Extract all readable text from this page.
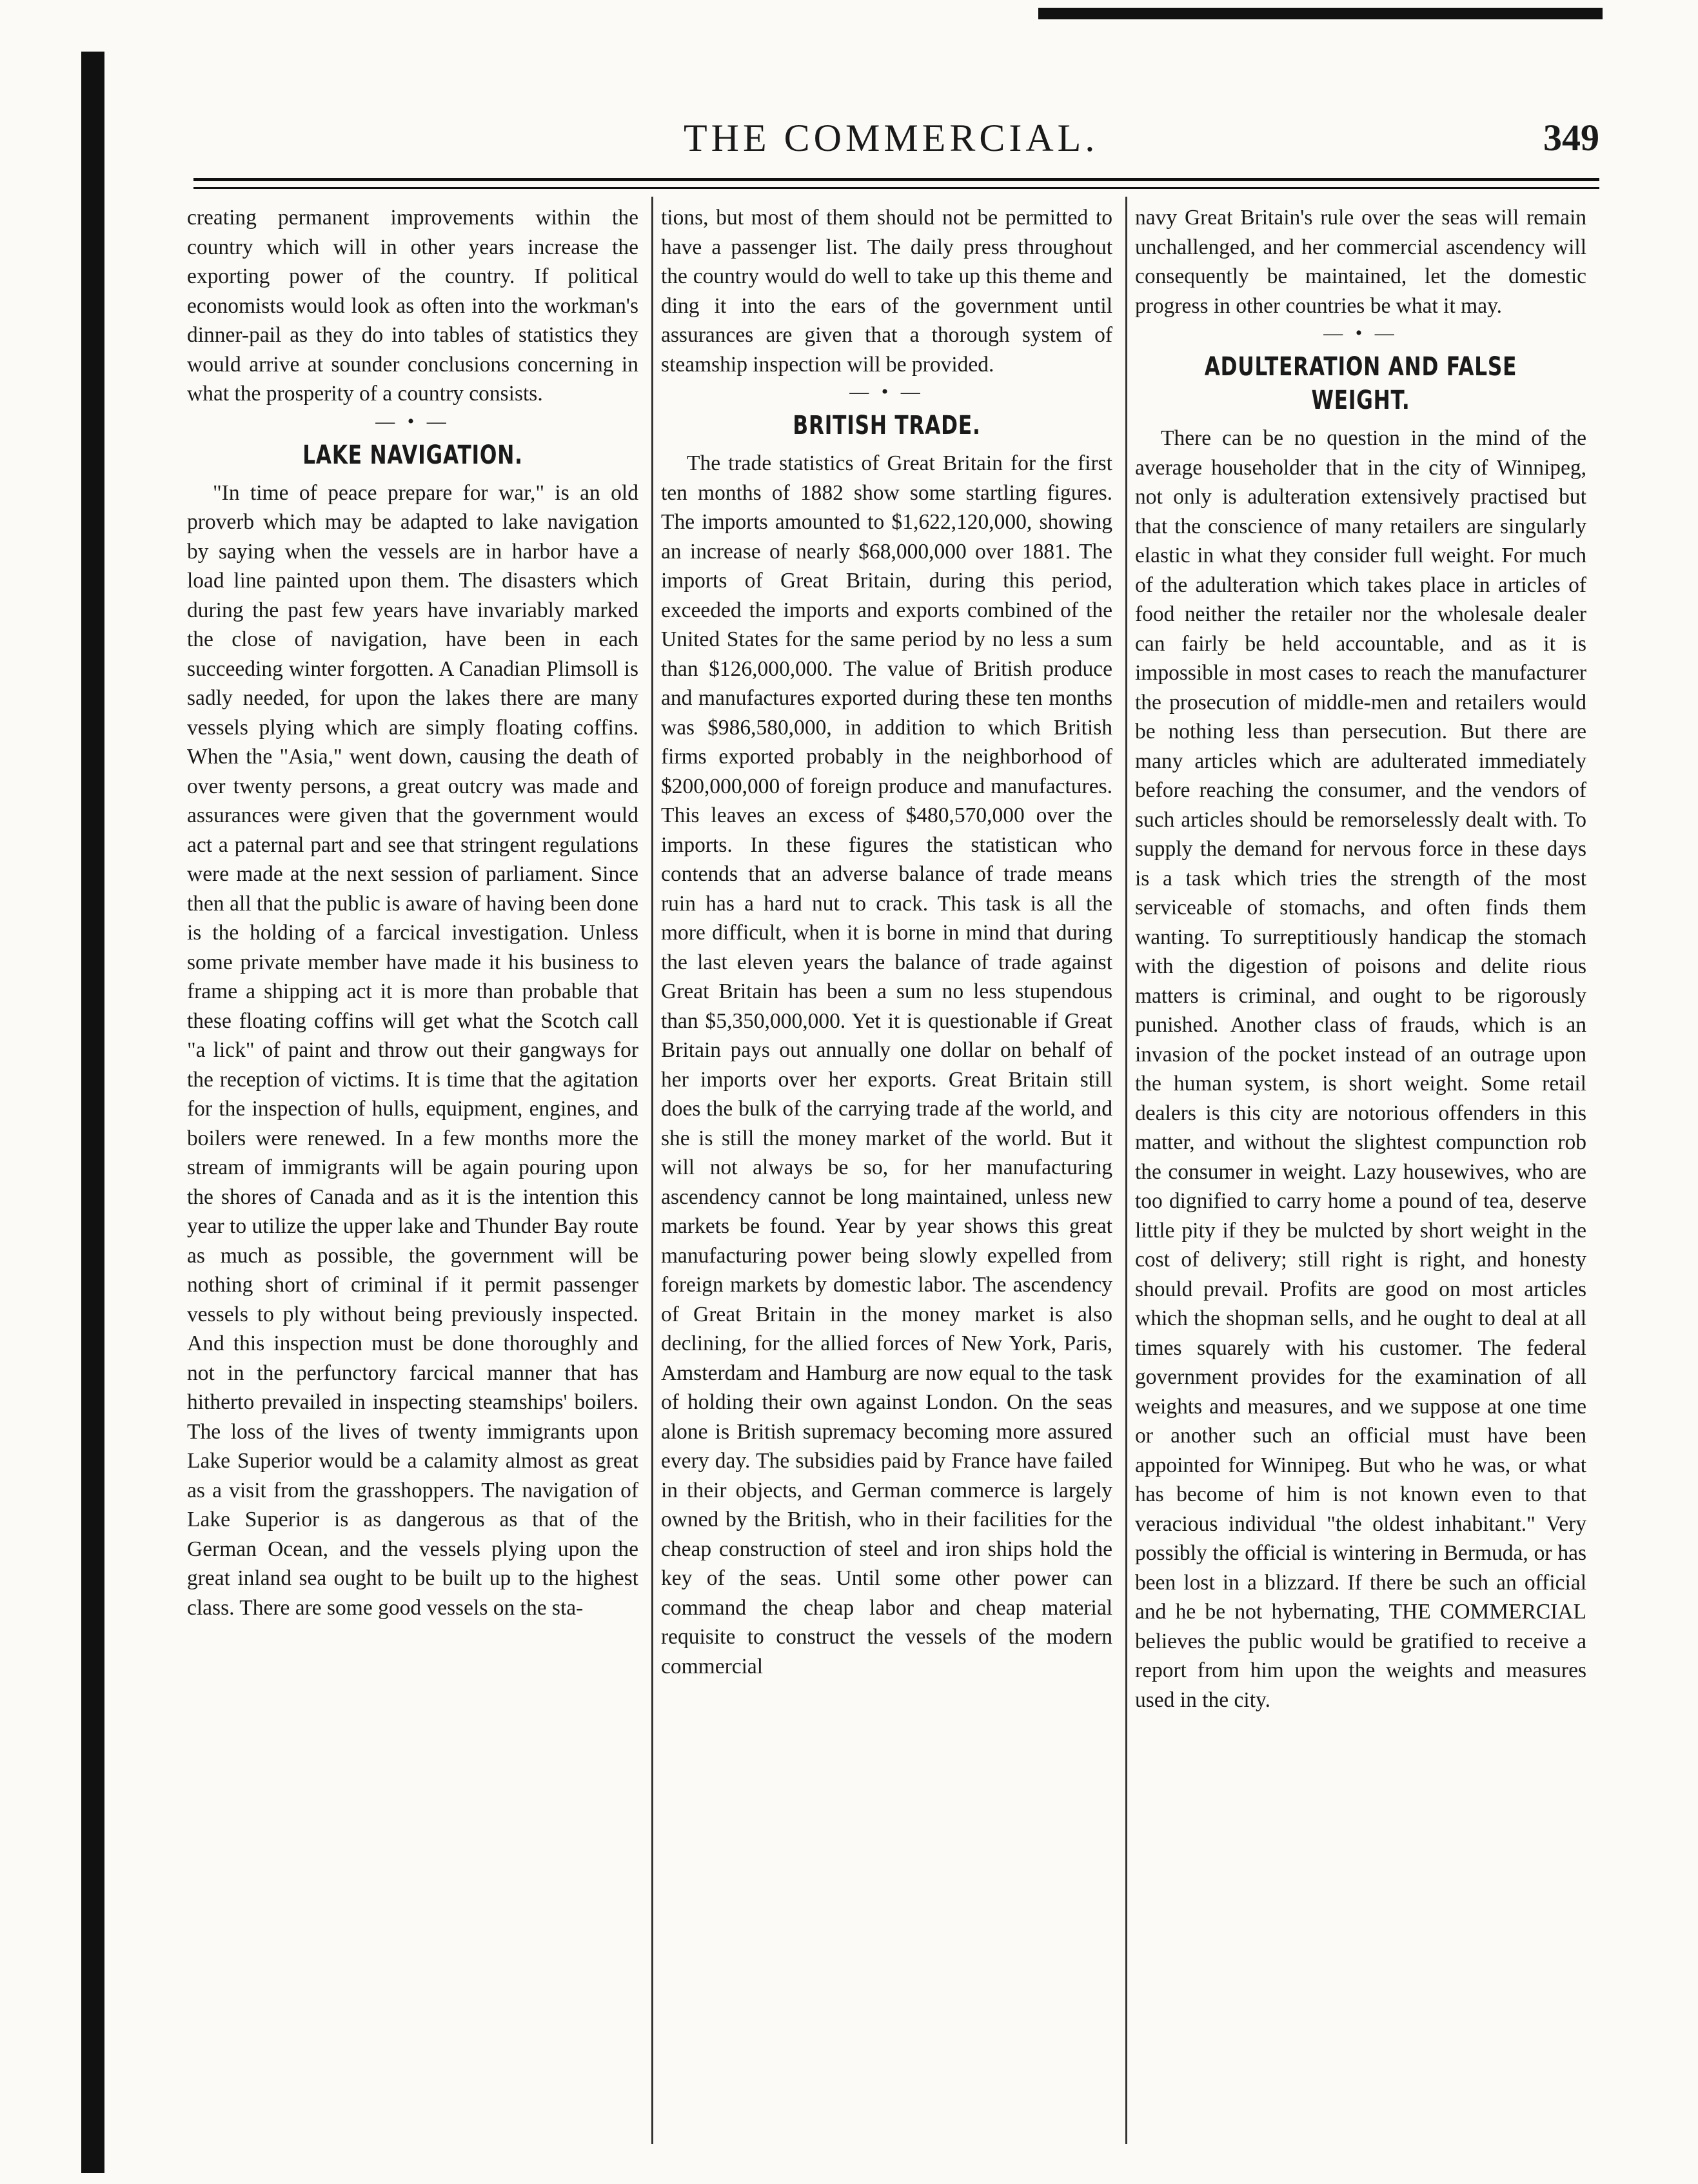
THE COMMERCIAL.	349

creating permanent improvements within the country which will in other years increase the exporting power of the country. If political economists would look as often into the workman's dinner-pail as they do into tables of statistics they would arrive at sounder conclusions concerning in what the prosperity of a country consists.

— • —
LAKE NAVIGATION.

"In time of peace prepare for war," is an old proverb which may be adapted to lake navigation by saying when the vessels are in harbor have a load line painted upon them. The disasters which during the past few years have invariably marked the close of navigation, have been in each succeeding winter forgotten. A Canadian Plimsoll is sadly needed, for upon the lakes there are many vessels plying which are simply floating coffins. When the "Asia," went down, causing the death of over twenty persons, a great outcry was made and assurances were given that the government would act a paternal part and see that stringent regulations were made at the next session of parliament. Since then all that the public is aware of having been done is the holding of a farcical investigation. Unless some private member have made it his business to frame a shipping act it is more than probable that these floating coffins will get what the Scotch call "a lick" of paint and throw out their gangways for the reception of victims. It is time that the agitation for the inspection of hulls, equipment, engines, and boilers were renewed. In a few months more the stream of immigrants will be again pouring upon the shores of Canada and as it is the intention this year to utilize the upper lake and Thunder Bay route as much as possible, the government will be nothing short of criminal if it permit passenger vessels to ply without being previously inspected. And this inspection must be done thoroughly and not in the perfunctory farcical manner that has hitherto prevailed in inspecting steamships' boilers. The loss of the lives of twenty immigrants upon Lake Superior would be a calamity almost as great as a visit from the grasshoppers. The navigation of Lake Superior is as dangerous as that of the German Ocean, and the vessels plying upon the great inland sea ought to be built up to the highest class. There are some good vessels on the sta-

tions, but most of them should not be permitted to have a passenger list. The daily press throughout the country would do well to take up this theme and ding it into the ears of the government until assurances are given that a thorough system of steamship inspection will be provided.

— • —
BRITISH TRADE.

The trade statistics of Great Britain for the first ten months of 1882 show some startling figures. The imports amounted to $1,622,120,000, showing an increase of nearly $68,000,000 over 1881. The imports of Great Britain, during this period, exceeded the imports and exports combined of the United States for the same period by no less a sum than $126,000,000. The value of British produce and manufactures exported during these ten months was $986,580,000, in addition to which British firms exported probably in the neighborhood of $200,000,000 of foreign produce and manufactures. This leaves an excess of $480,570,000 over the imports. In these figures the statistican who contends that an adverse balance of trade means ruin has a hard nut to crack. This task is all the more difficult, when it is borne in mind that during the last eleven years the balance of trade against Great Britain has been a sum no less stupendous than $5,350,000,000. Yet it is questionable if Great Britain pays out annually one dollar on behalf of her imports over her exports. Great Britain still does the bulk of the carrying trade af the world, and she is still the money market of the world. But it will not always be so, for her manufacturing ascendency cannot be long maintained, unless new markets be found. Year by year shows this great manufacturing power being slowly expelled from foreign markets by domestic labor. The ascendency of Great Britain in the money market is also declining, for the allied forces of New York, Paris, Amsterdam and Hamburg are now equal to the task of holding their own against London. On the seas alone is British supremacy becoming more assured every day. The subsidies paid by France have failed in their objects, and German commerce is largely owned by the British, who in their facilities for the cheap construction of steel and iron ships hold the key of the seas. Until some other power can command the cheap labor and cheap material requisite to construct the vessels of the modern commercial

navy Great Britain's rule over the seas will remain unchallenged, and her commercial ascendency will consequently be maintained, let the domestic progress in other countries be what it may.

— • —
ADULTERATION AND FALSE WEIGHT.

There can be no question in the mind of the average householder that in the city of Winnipeg, not only is adulteration extensively practised but that the conscience of many retailers are singularly elastic in what they consider full weight. For much of the adulteration which takes place in articles of food neither the retailer nor the wholesale dealer can fairly be held accountable, and as it is impossible in most cases to reach the manufacturer the prosecution of middle-men and retailers would be nothing less than persecution. But there are many articles which are adulterated immediately before reaching the consumer, and the vendors of such articles should be remorselessly dealt with. To supply the demand for nervous force in these days is a task which tries the strength of the most serviceable of stomachs, and often finds them wanting. To surreptitiously handicap the stomach with the digestion of poisons and delite rious matters is criminal, and ought to be rigorously punished. Another class of frauds, which is an invasion of the pocket instead of an outrage upon the human system, is short weight. Some retail dealers is this city are notorious offenders in this matter, and without the slightest compunction rob the consumer in weight. Lazy housewives, who are too dignified to carry home a pound of tea, deserve little pity if they be mulcted by short weight in the cost of delivery; still right is right, and honesty should prevail. Profits are good on most articles which the shopman sells, and he ought to deal at all times squarely with his customer. The federal government provides for the examination of all weights and measures, and we suppose at one time or another such an official must have been appointed for Winnipeg. But who he was, or what has become of him is not known even to that veracious individual "the oldest inhabitant." Very possibly the official is wintering in Bermuda, or has been lost in a blizzard. If there be such an official and he be not hybernating, THE COMMERCIAL believes the public would be gratified to receive a report from him upon the weights and measures used in the city.
